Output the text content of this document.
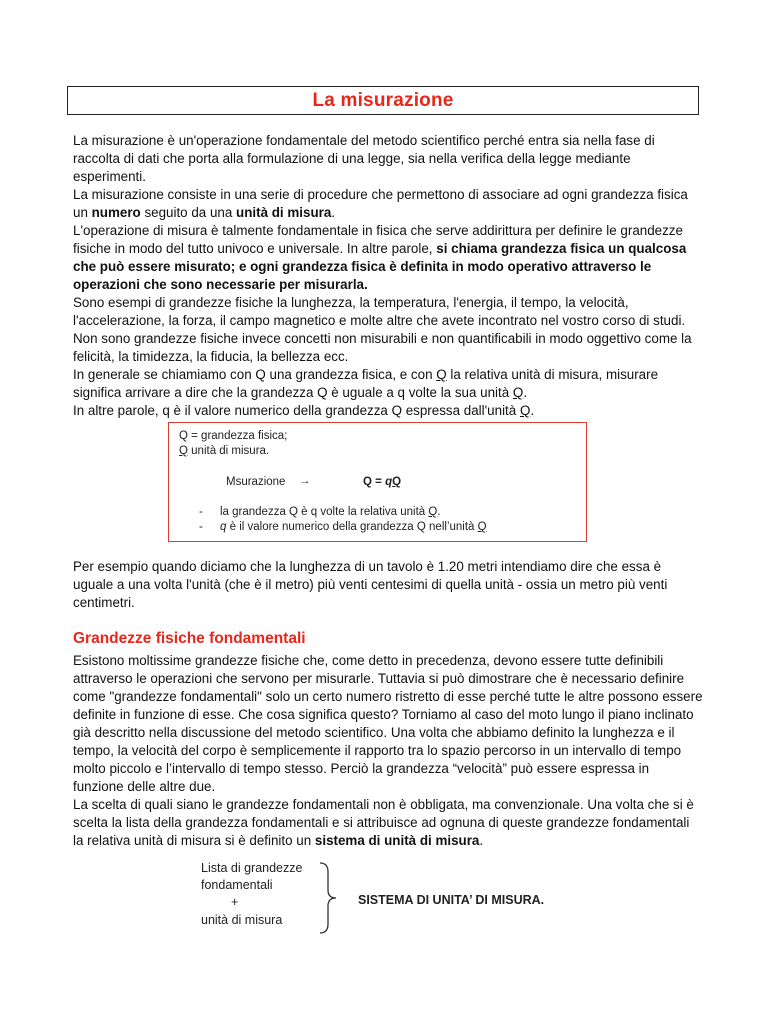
La misurazione

La misurazione è un'operazione fondamentale del metodo scientifico perché entra sia nella fase di raccolta di dati che porta alla formulazione di una legge, sia nella verifica della legge mediante esperimenti.

La misurazione consiste in una serie di procedure che permettono di associare ad ogni grandezza fisica un numero seguito da una unità di misura.

L'operazione di misura è talmente fondamentale in fisica che serve addirittura per definire le grandezze fisiche in modo del tutto univoco e universale. In altre parole, si chiama grandezza fisica un qualcosa che può essere misurato; e ogni grandezza fisica è definita in modo operativo attraverso le operazioni che sono necessarie per misurarla.

Sono esempi di grandezze fisiche la lunghezza, la temperatura, l'energia, il tempo, la velocità, l'accelerazione, la forza, il campo magnetico e molte altre che avete incontrato nel vostro corso di studi. Non sono grandezze fisiche invece concetti non misurabili e non quantificabili in modo oggettivo come la felicità, la timidezza, la fiducia, la bellezza ecc.

In generale se chiamiamo con Q una grandezza fisica, e con Q la relativa unità di misura, misurare significa arrivare a dire che la grandezza Q è uguale a q volte la sua unità Q.

In altre parole, q è il valore numerico della grandezza Q espressa dall'unità Q.

Q = grandezza fisica;
Q unità di misura.
Msurazione →	Q = qQ
- la grandezza Q è q volte la relativa unità Q.
- q è il valore numerico della grandezza Q nell’unità Q

Per esempio quando diciamo che la lunghezza di un tavolo è 1.20 metri intendiamo dire che essa è uguale a una volta l'unità (che è il metro) più venti centesimi di quella unità - ossia un metro più venti centimetri.

Grandezze fisiche fondamentali

Esistono moltissime grandezze fisiche che, come detto in precedenza, devono essere tutte definibili attraverso le operazioni che servono per misurarle. Tuttavia si può dimostrare che è necessario definire come "grandezze fondamentali" solo un certo numero ristretto di esse perché tutte le altre possono essere definite in funzione di esse. Che cosa significa questo? Torniamo al caso del moto lungo il piano inclinato già descritto nella discussione del metodo scientifico. Una volta che abbiamo definito la lunghezza e il tempo, la velocità del corpo è semplicemente il rapporto tra lo spazio percorso in un intervallo di tempo molto piccolo e l’intervallo di tempo stesso. Perciò la grandezza “velocità” può essere espressa in funzione delle altre due.

La scelta di quali siano le grandezze fondamentali non è obbligata, ma convenzionale. Una volta che si è scelta la lista della grandezza fondamentali e si attribuisce ad ognuna di queste grandezze fondamentali la relativa unità di misura si è definito un sistema di unità di misura.

Lista di grandezze
fondamentali
+
unità di misura
SISTEMA DI UNITA’ DI MISURA.
